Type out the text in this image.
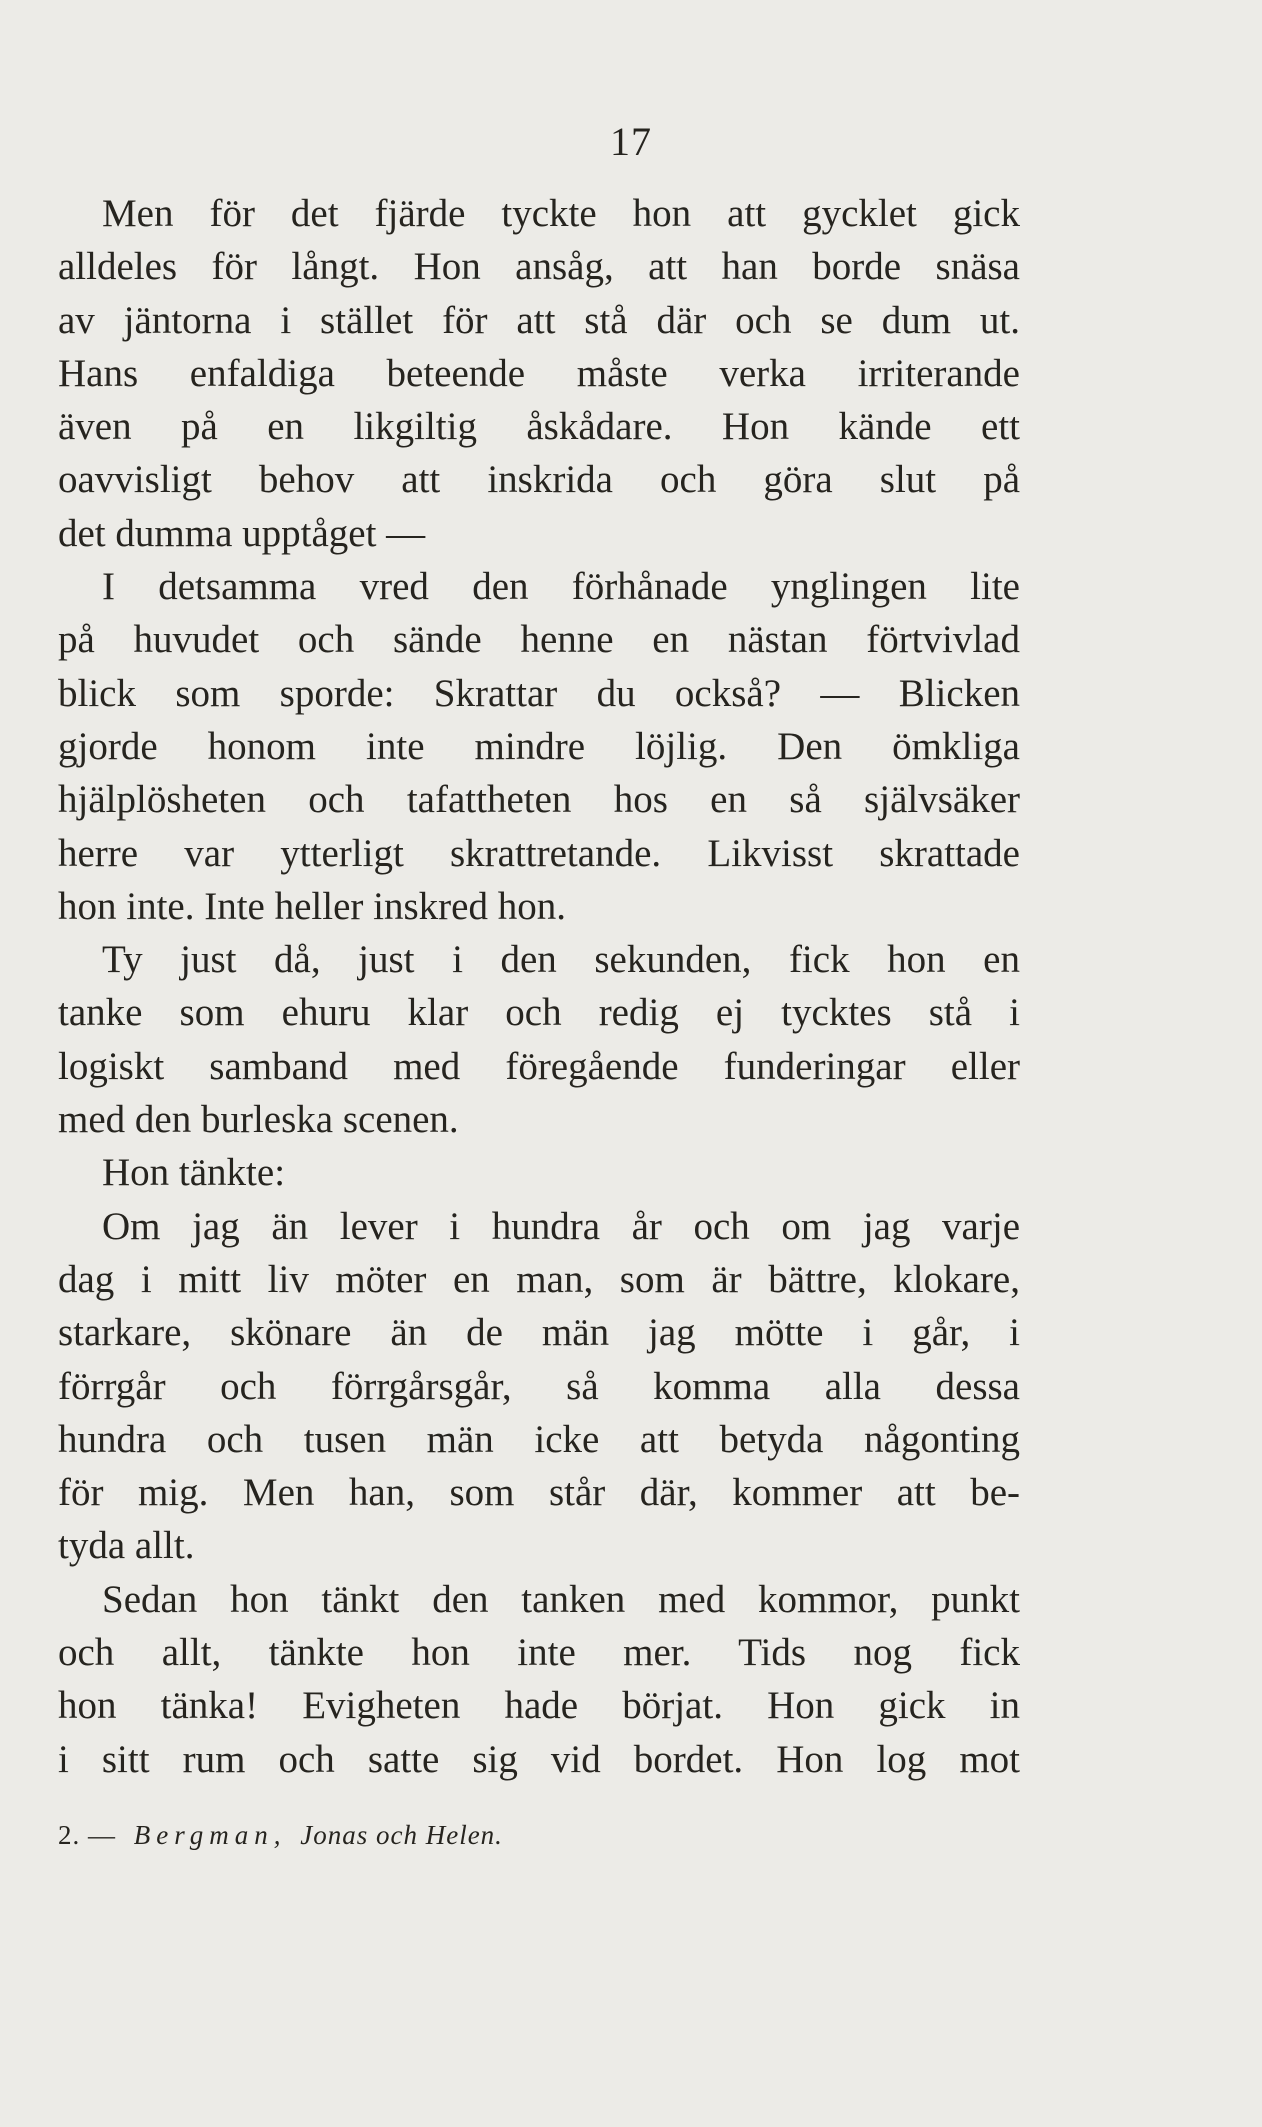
17
Men för det fjärde tyckte hon att gycklet gick
alldeles för långt. Hon ansåg, att han borde snäsa
av jäntorna i stället för att stå där och se dum ut.
Hans enfaldiga beteende måste verka irriterande
även på en likgiltig åskådare. Hon kände ett
oavvisligt behov att inskrida och göra slut på
det dumma upptåget —
I detsamma vred den förhånade ynglingen lite
på huvudet och sände henne en nästan förtvivlad
blick som sporde: Skrattar du också? — Blicken
gjorde honom inte mindre löjlig. Den ömkliga
hjälplösheten och tafattheten hos en så självsäker
herre var ytterligt skrattretande. Likvisst skrattade
hon inte. Inte heller inskred hon.
Ty just då, just i den sekunden, fick hon en
tanke som ehuru klar och redig ej tycktes stå i
logiskt samband med föregående funderingar eller
med den burleska scenen.
Hon tänkte:
Om jag än lever i hundra år och om jag varje
dag i mitt liv möter en man, som är bättre, klokare,
starkare, skönare än de män jag mötte i går, i
förrgår och förrgårsgår, så komma alla dessa
hundra och tusen män icke att betyda någonting
för mig. Men han, som står där, kommer att be-
tyda allt.
Sedan hon tänkt den tanken med kommor, punkt
och allt, tänkte hon inte mer. Tids nog fick
hon tänka! Evigheten hade börjat. Hon gick in
i sitt rum och satte sig vid bordet. Hon log mot
2. — Bergman, Jonas och Helen.
